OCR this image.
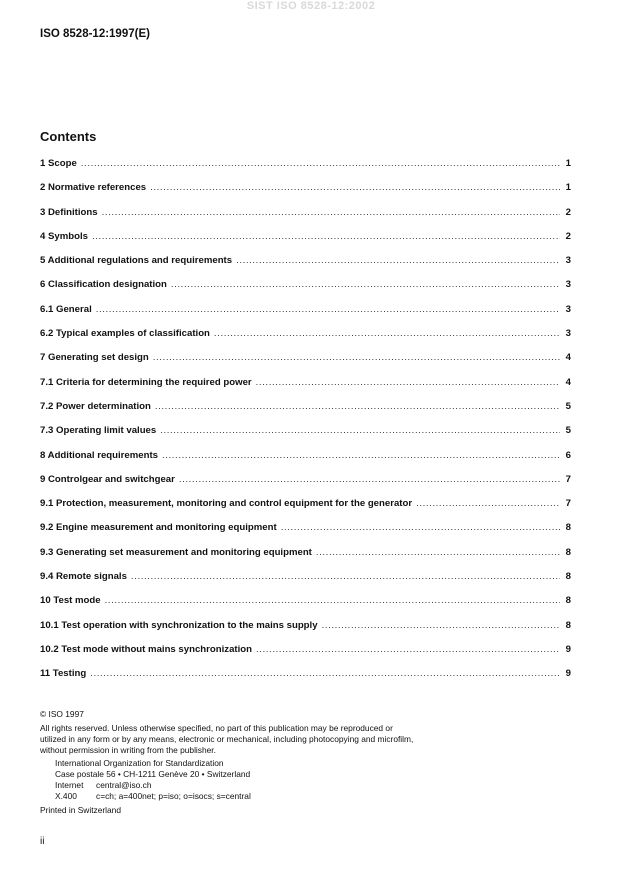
SIST ISO 8528-12:2002
ISO 8528-12:1997(E)
Contents
1 Scope .....	1
2 Normative references .....	1
3 Definitions .....	2
4 Symbols .....	2
5 Additional regulations and requirements .....	3
6 Classification designation .....	3
6.1 General .....	3
6.2 Typical examples of classification .....	3
7 Generating set design .....	4
7.1 Criteria for determining the required power .....	4
7.2 Power determination .....	5
7.3 Operating limit values .....	5
8 Additional requirements .....	6
9 Controlgear and switchgear .....	7
9.1 Protection, measurement, monitoring and control equipment for the generator .....	7
9.2 Engine measurement and monitoring equipment .....	8
9.3 Generating set measurement and monitoring equipment .....	8
9.4 Remote signals .....	8
10 Test mode .....	8
10.1 Test operation with synchronization to the mains supply .....	8
10.2 Test mode without mains synchronization .....	9
11 Testing .....	9

© ISO 1997

All rights reserved. Unless otherwise specified, no part of this publication may be reproduced or utilized in any form or by any means, electronic or mechanical, including photocopying and microfilm, without permission in writing from the publisher.

International Organization for Standardization

Case postale 56 • CH-1211 Genève 20 • Switzerland

Internet	central@iso.ch
X.400	c=ch; a=400net; p=iso; o=isocs; s=central

Printed in Switzerland

ii
